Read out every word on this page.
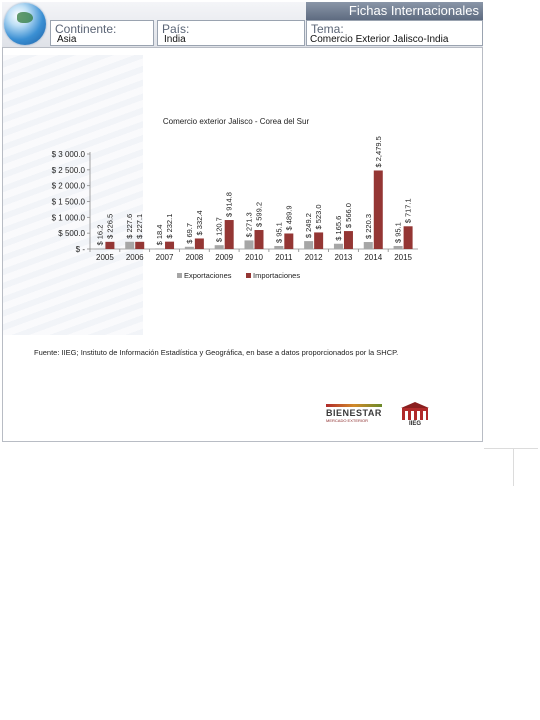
Fichas Internacionales
Continente:
Asia
País:
India
Tema:
Comercio Exterior Jalisco-India
Comercio exterior Jalisco - Corea del Sur
$ -
$ 500.0
$ 1 000.0
$ 1 500.0
$ 2 000.0
$ 2 500.0
$ 3 000.0
2005
$ 16.2 $ 226.5
2006
$ 227.6 $ 227.1
2007
$ 18.4 $ 232.1
2008
$ 69.7 $ 332.4
2009
$ 120.7
$ 914.8
2010
$ 271.3 $ 599.2
2011
$ 95.1
$ 489.9
2012
$ 249.2 $ 523.0
2013
$ 165.6
$ 566.0
2014
$ 220.3
$ 2,479.5
2015
$ 95.1
$ 717.1
Exportaciones	Importaciones
Fuente: IIEG; Instituto de Información Estadística y Geográfica, en base a datos proporcionados por la SHCP.
BIENESTAR
MERCADO EXTERIOR
IIEG
